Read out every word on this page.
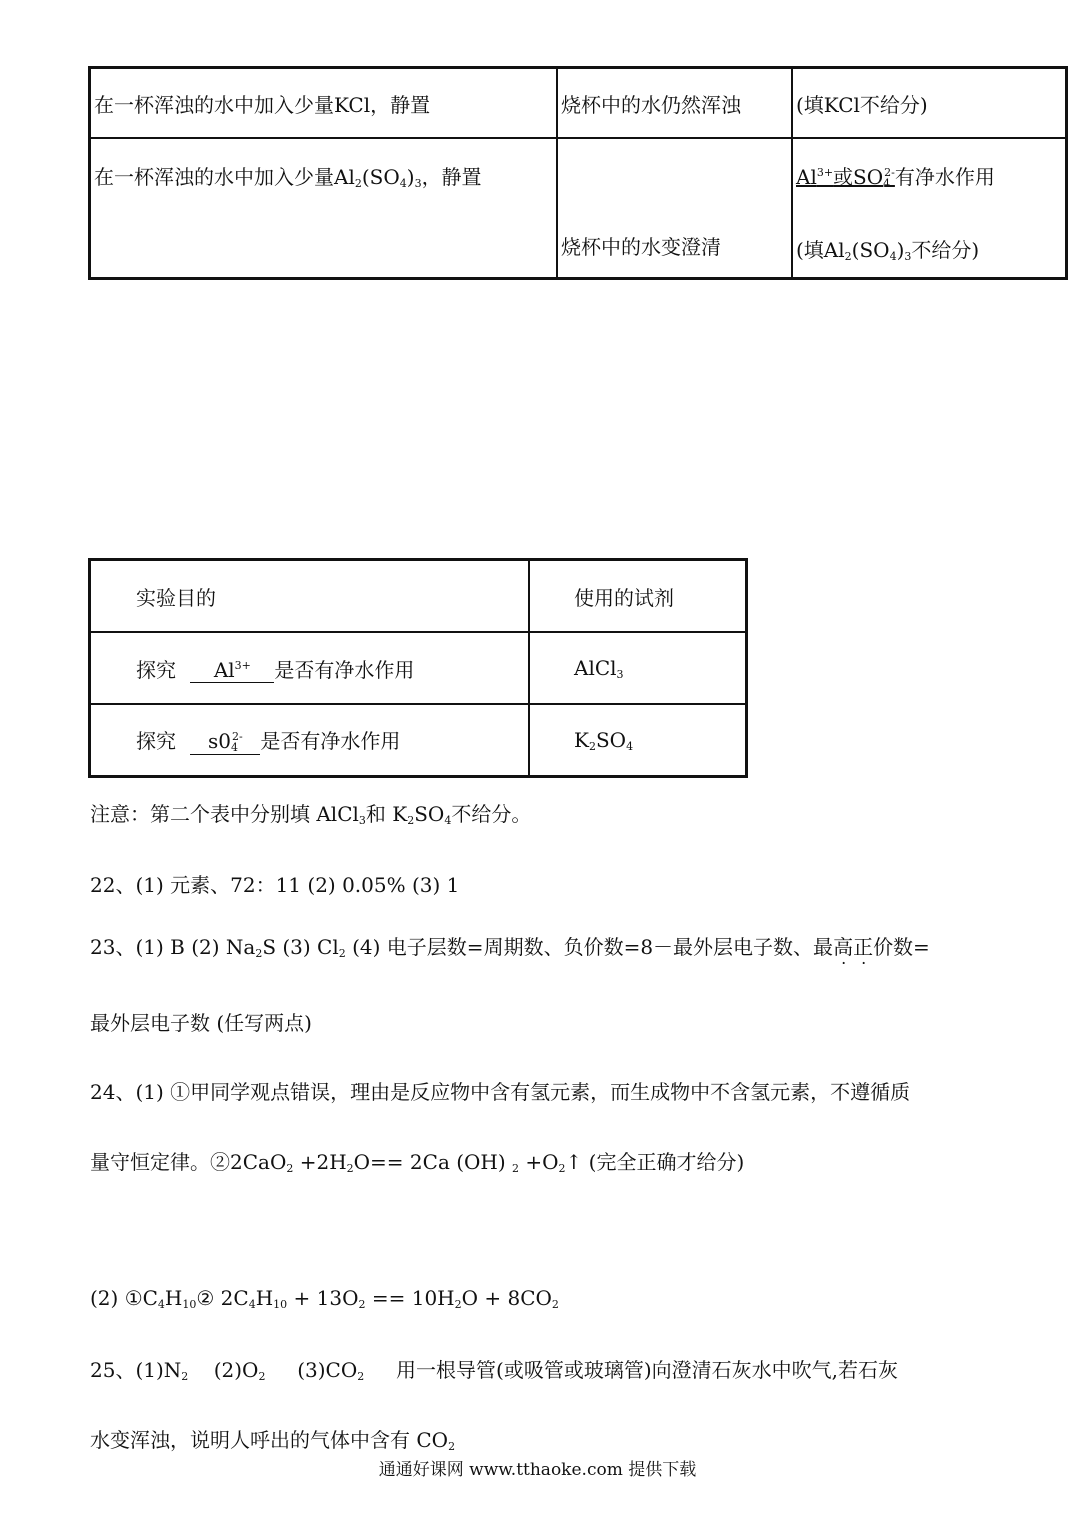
在一杯浑浊的水中加入少量KCl，静置	烧杯中的水仍然浑浊	(填KCl不给分)

在一杯浑浊的水中加入少量$Al_2(SO_4)_3$，静置	烧杯中的水变澄清	$Al^{3+}$或$SO_4^{2-}$有净水作用
(填$Al_2(SO_4)_3$不给分)
实验目的	使用的试剂
探究 $Al^{3+}$ 是否有净水作用	AlCl$_3$
探究 $s0_4^{2-}$ 是否有净水作用	$K_2SO_4$
注意：第二个表中分别填 AlCl$_3$和 $K_2SO_4$不给分。
22、(1) 元素、72：11 (2) 0.05% (3) 1
23、(1) B (2) $Na_2S$ (3) $Cl_2$ (4) 电子层数=周期数、负价数=8－最外层电子数、最高正价数=
最外层电子数 (任写两点)
24、(1) ①甲同学观点错误，理由是反应物中含有氢元素，而生成物中不含氢元素，不遵循质
量守恒定律。②2CaO$_2$ $+2H_2O== 2Ca$ (OH) $_2 +O_2↑$ (完全正确才给分)
(2) $①C_4H_{10}②$ $2C_4H_{10} + 13O_2 == 10H_2O + 8CO_2$
25、$(1)N_2$    $(2)O_2$     $(3)CO_2$     用一根导管(或吸管或玻璃管)向澄清石灰水中吹气,若石灰
水变浑浊，说明人呼出的气体中含有 $CO_2$
通通好课网 www.tthaoke.com 提供下载
